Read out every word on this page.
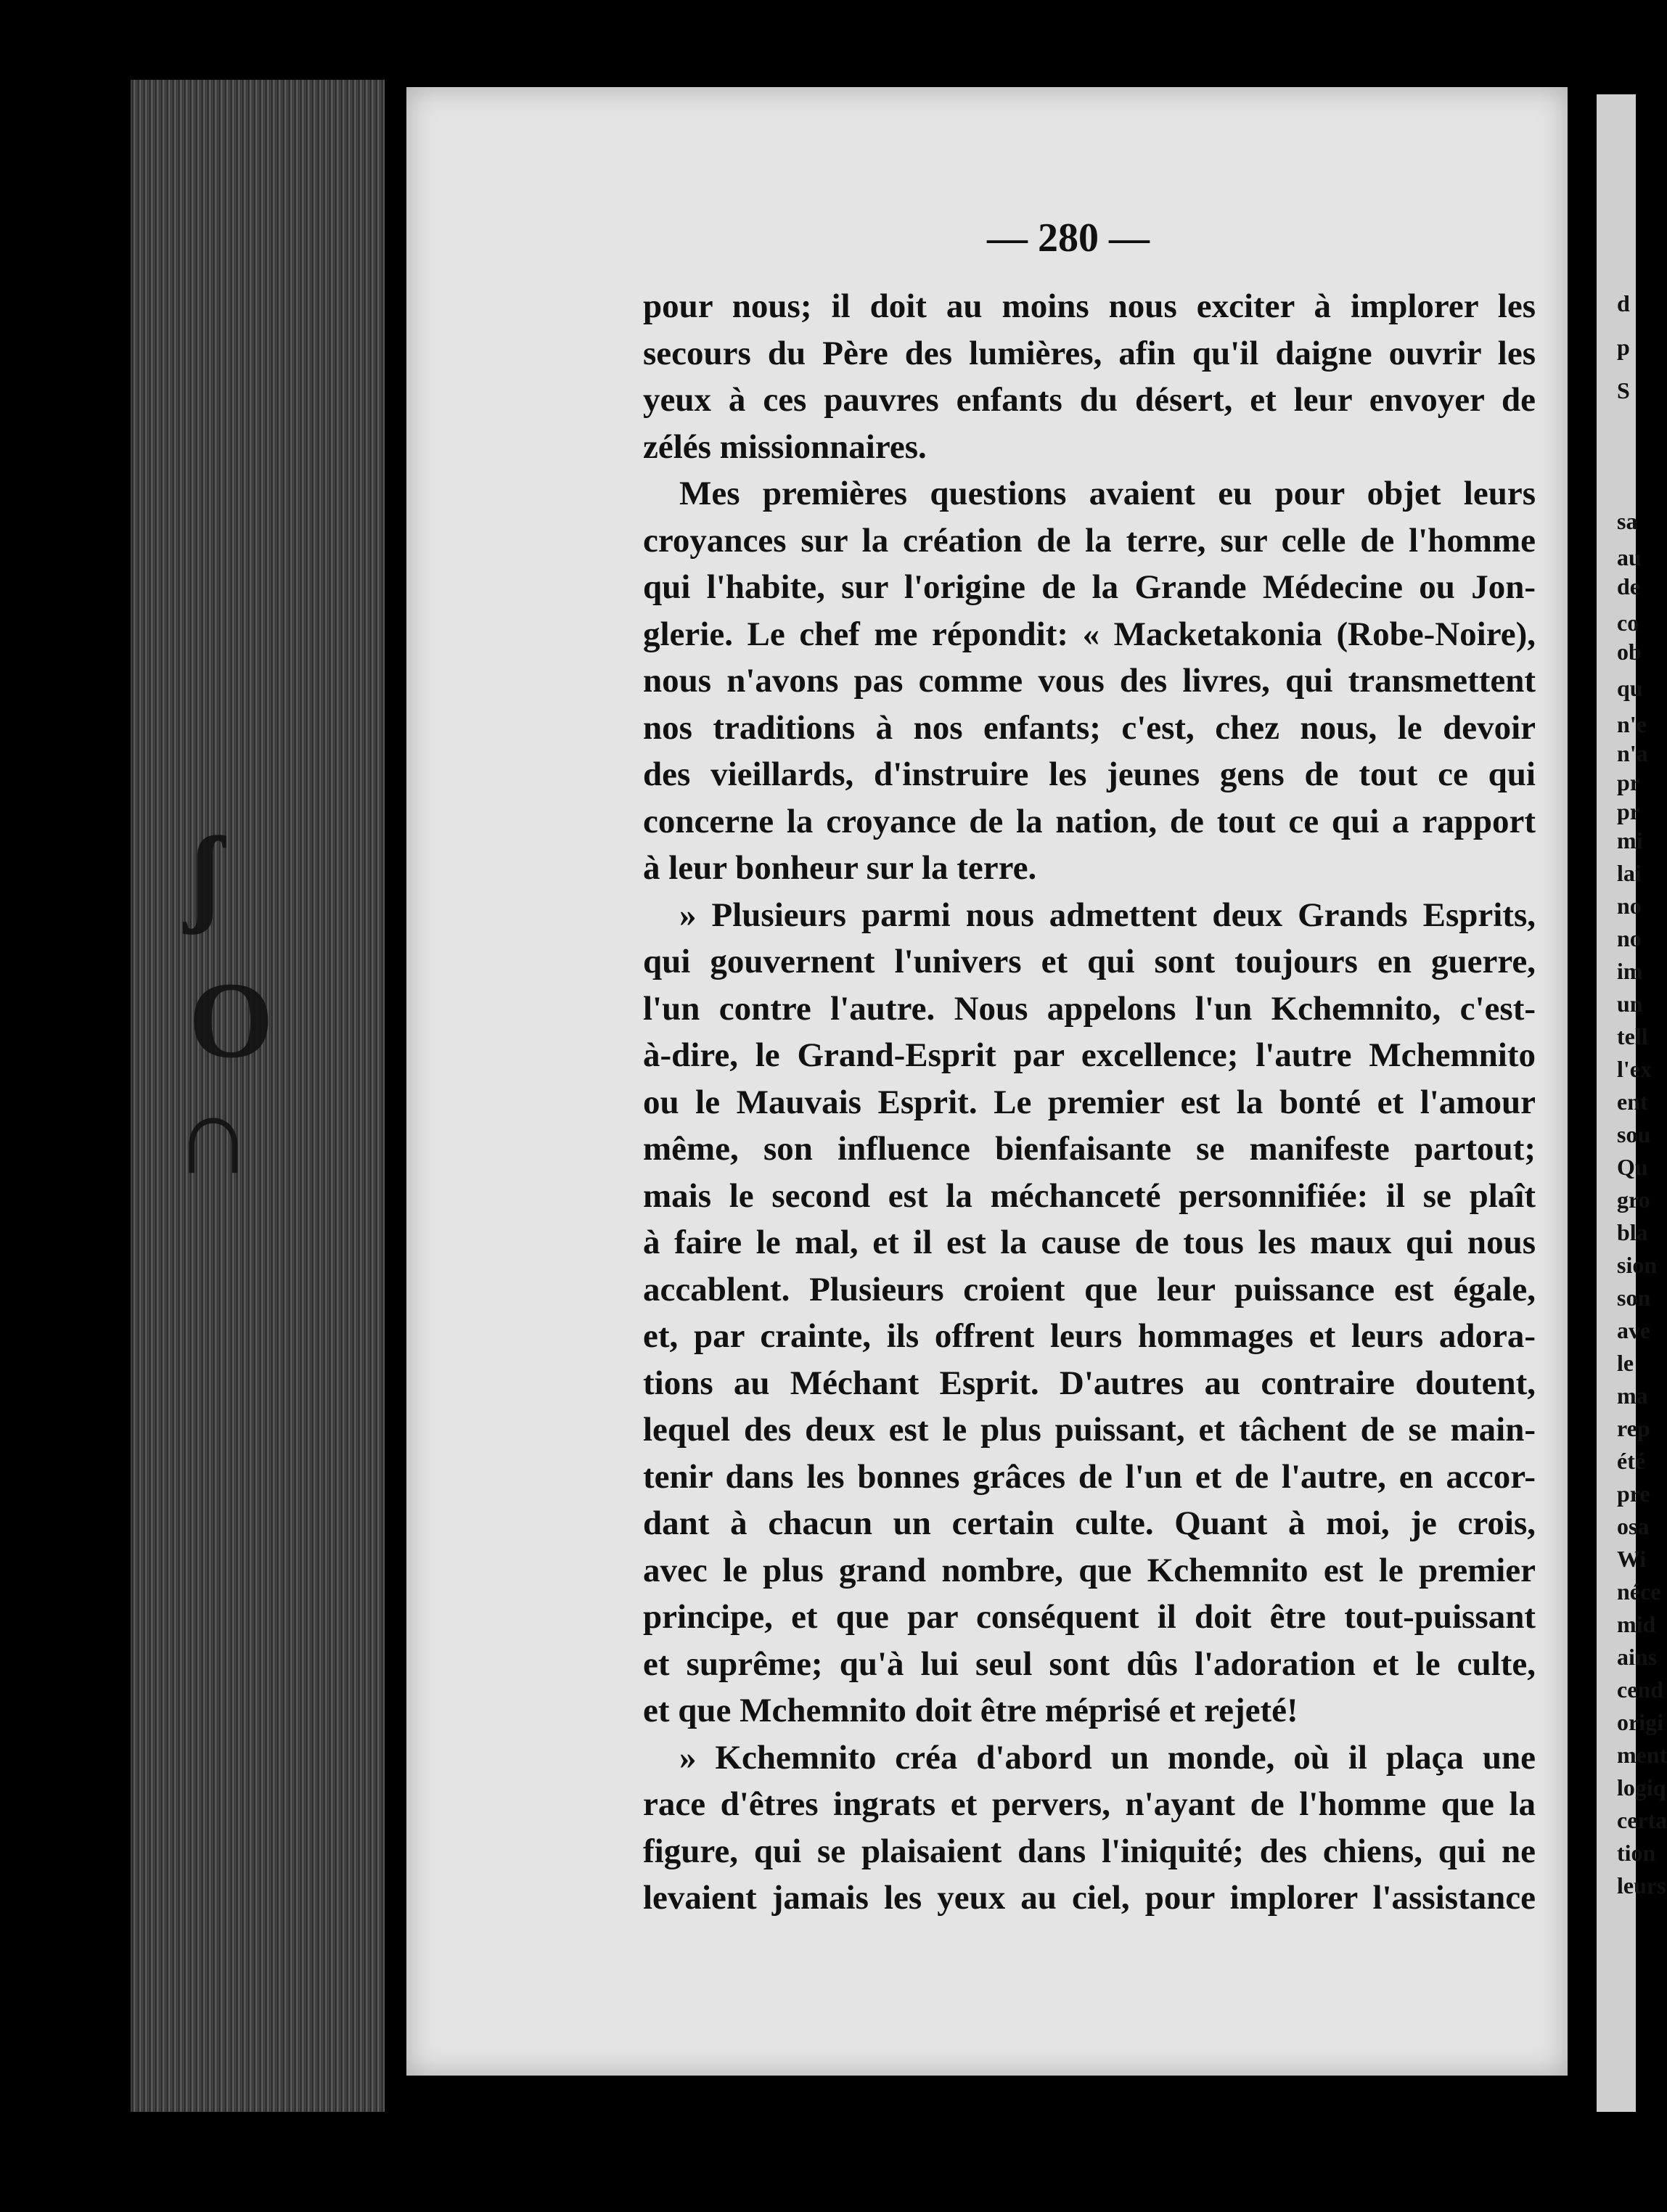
ʃ
O
∩
— 280 —
pour nous; il doit au moins nous exciter à implorer les
secours du Père des lumières, afin qu'il daigne ouvrir les
yeux à ces pauvres enfants du désert, et leur envoyer de
zélés missionnaires.
Mes premières questions avaient eu pour objet leurs
croyances sur la création de la terre, sur celle de l'homme
qui l'habite, sur l'origine de la Grande Médecine ou Jon-
glerie. Le chef me répondit: « Macketakonia (Robe-Noire),
nous n'avons pas comme vous des livres, qui transmettent
nos traditions à nos enfants; c'est, chez nous, le devoir
des vieillards, d'instruire les jeunes gens de tout ce qui
concerne la croyance de la nation, de tout ce qui a rapport
à leur bonheur sur la terre.
» Plusieurs parmi nous admettent deux Grands Esprits,
qui gouvernent l'univers et qui sont toujours en guerre,
l'un contre l'autre. Nous appelons l'un Kchemnito, c'est-
à-dire, le Grand-Esprit par excellence; l'autre Mchemnito
ou le Mauvais Esprit. Le premier est la bonté et l'amour
même, son influence bienfaisante se manifeste partout;
mais le second est la méchanceté personnifiée: il se plaît
à faire le mal, et il est la cause de tous les maux qui nous
accablent. Plusieurs croient que leur puissance est égale,
et, par crainte, ils offrent leurs hommages et leurs adora-
tions au Méchant Esprit. D'autres au contraire doutent,
lequel des deux est le plus puissant, et tâchent de se main-
tenir dans les bonnes grâces de l'un et de l'autre, en accor-
dant à chacun un certain culte. Quant à moi, je crois,
avec le plus grand nombre, que Kchemnito est le premier
principe, et que par conséquent il doit être tout-puissant
et suprême; qu'à lui seul sont dûs l'adoration et le culte,
et que Mchemnito doit être méprisé et rejeté!
» Kchemnito créa d'abord un monde, où il plaça une
race d'êtres ingrats et pervers, n'ayant de l'homme que la
figure, qui se plaisaient dans l'iniquité; des chiens, qui ne
levaient jamais les yeux au ciel, pour implorer l'assistance
d
p
S
sa
au
de
co
ob
qu
n'e
n'a
pr
pr
mi
lai
no
no
im
un
tell
l'ex
ent
sou
Qu
gro
bla
sion
son
ave
le
ma
rep
été
pre
osa
Wi
néce
mid
ains
cend
origi
ment
logiq
certa
tion
leurs
